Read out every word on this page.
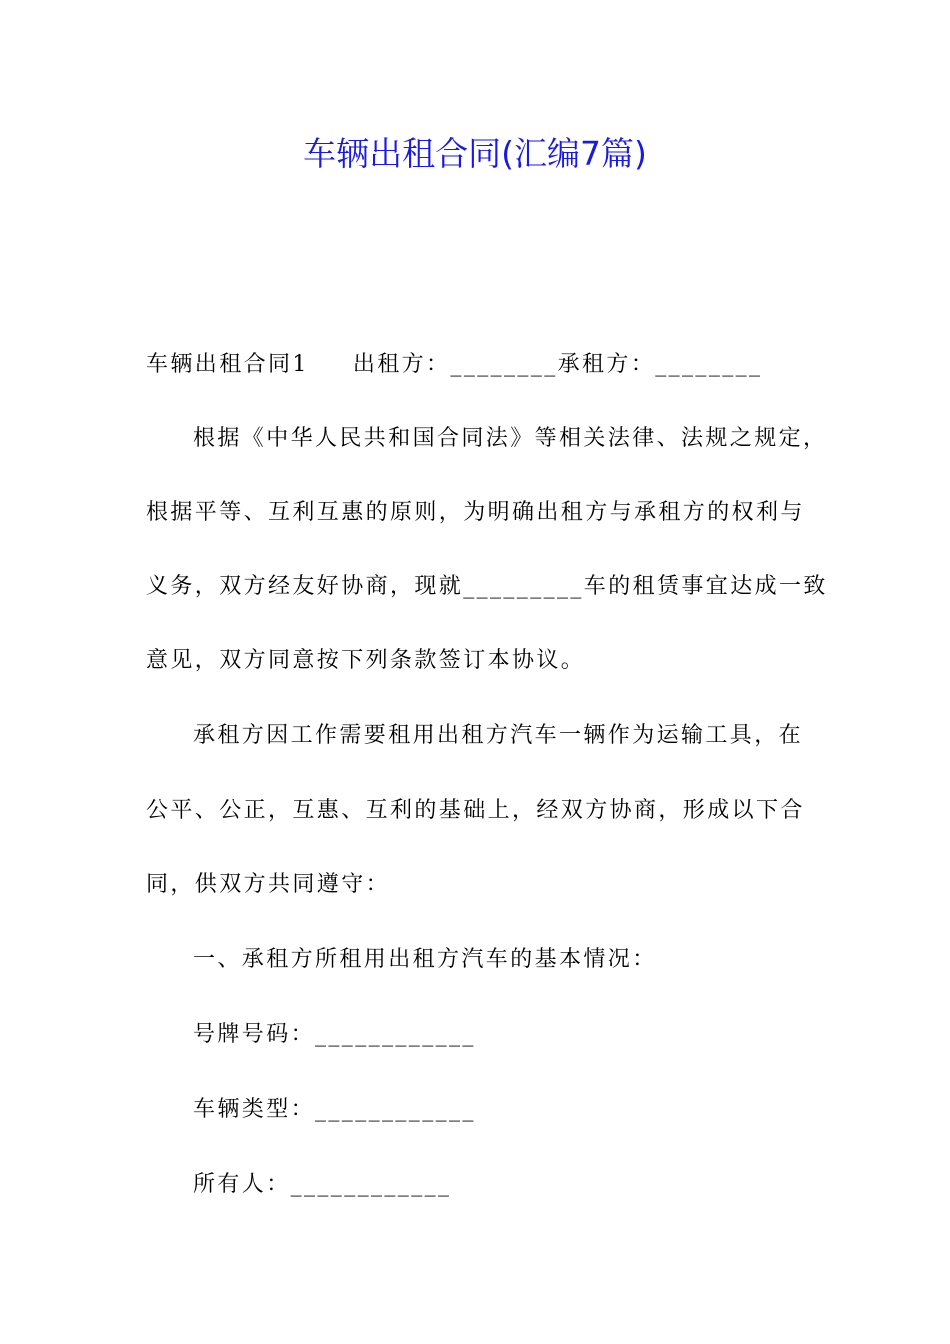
车辆出租合同(汇编7篇)

车辆出租合同1 出租方：________承租方：________

根据《中华人民共和国合同法》等相关法律、法规之规定，

根据平等、互利互惠的原则，为明确出租方与承租方的权利与

义务，双方经友好协商，现就_________车的租赁事宜达成一致

意见，双方同意按下列条款签订本协议。

承租方因工作需要租用出租方汽车一辆作为运输工具，在

公平、公正，互惠、互利的基础上，经双方协商，形成以下合

同，供双方共同遵守：

一、承租方所租用出租方汽车的基本情况：

号牌号码：____________

车辆类型：____________

所有人：____________
